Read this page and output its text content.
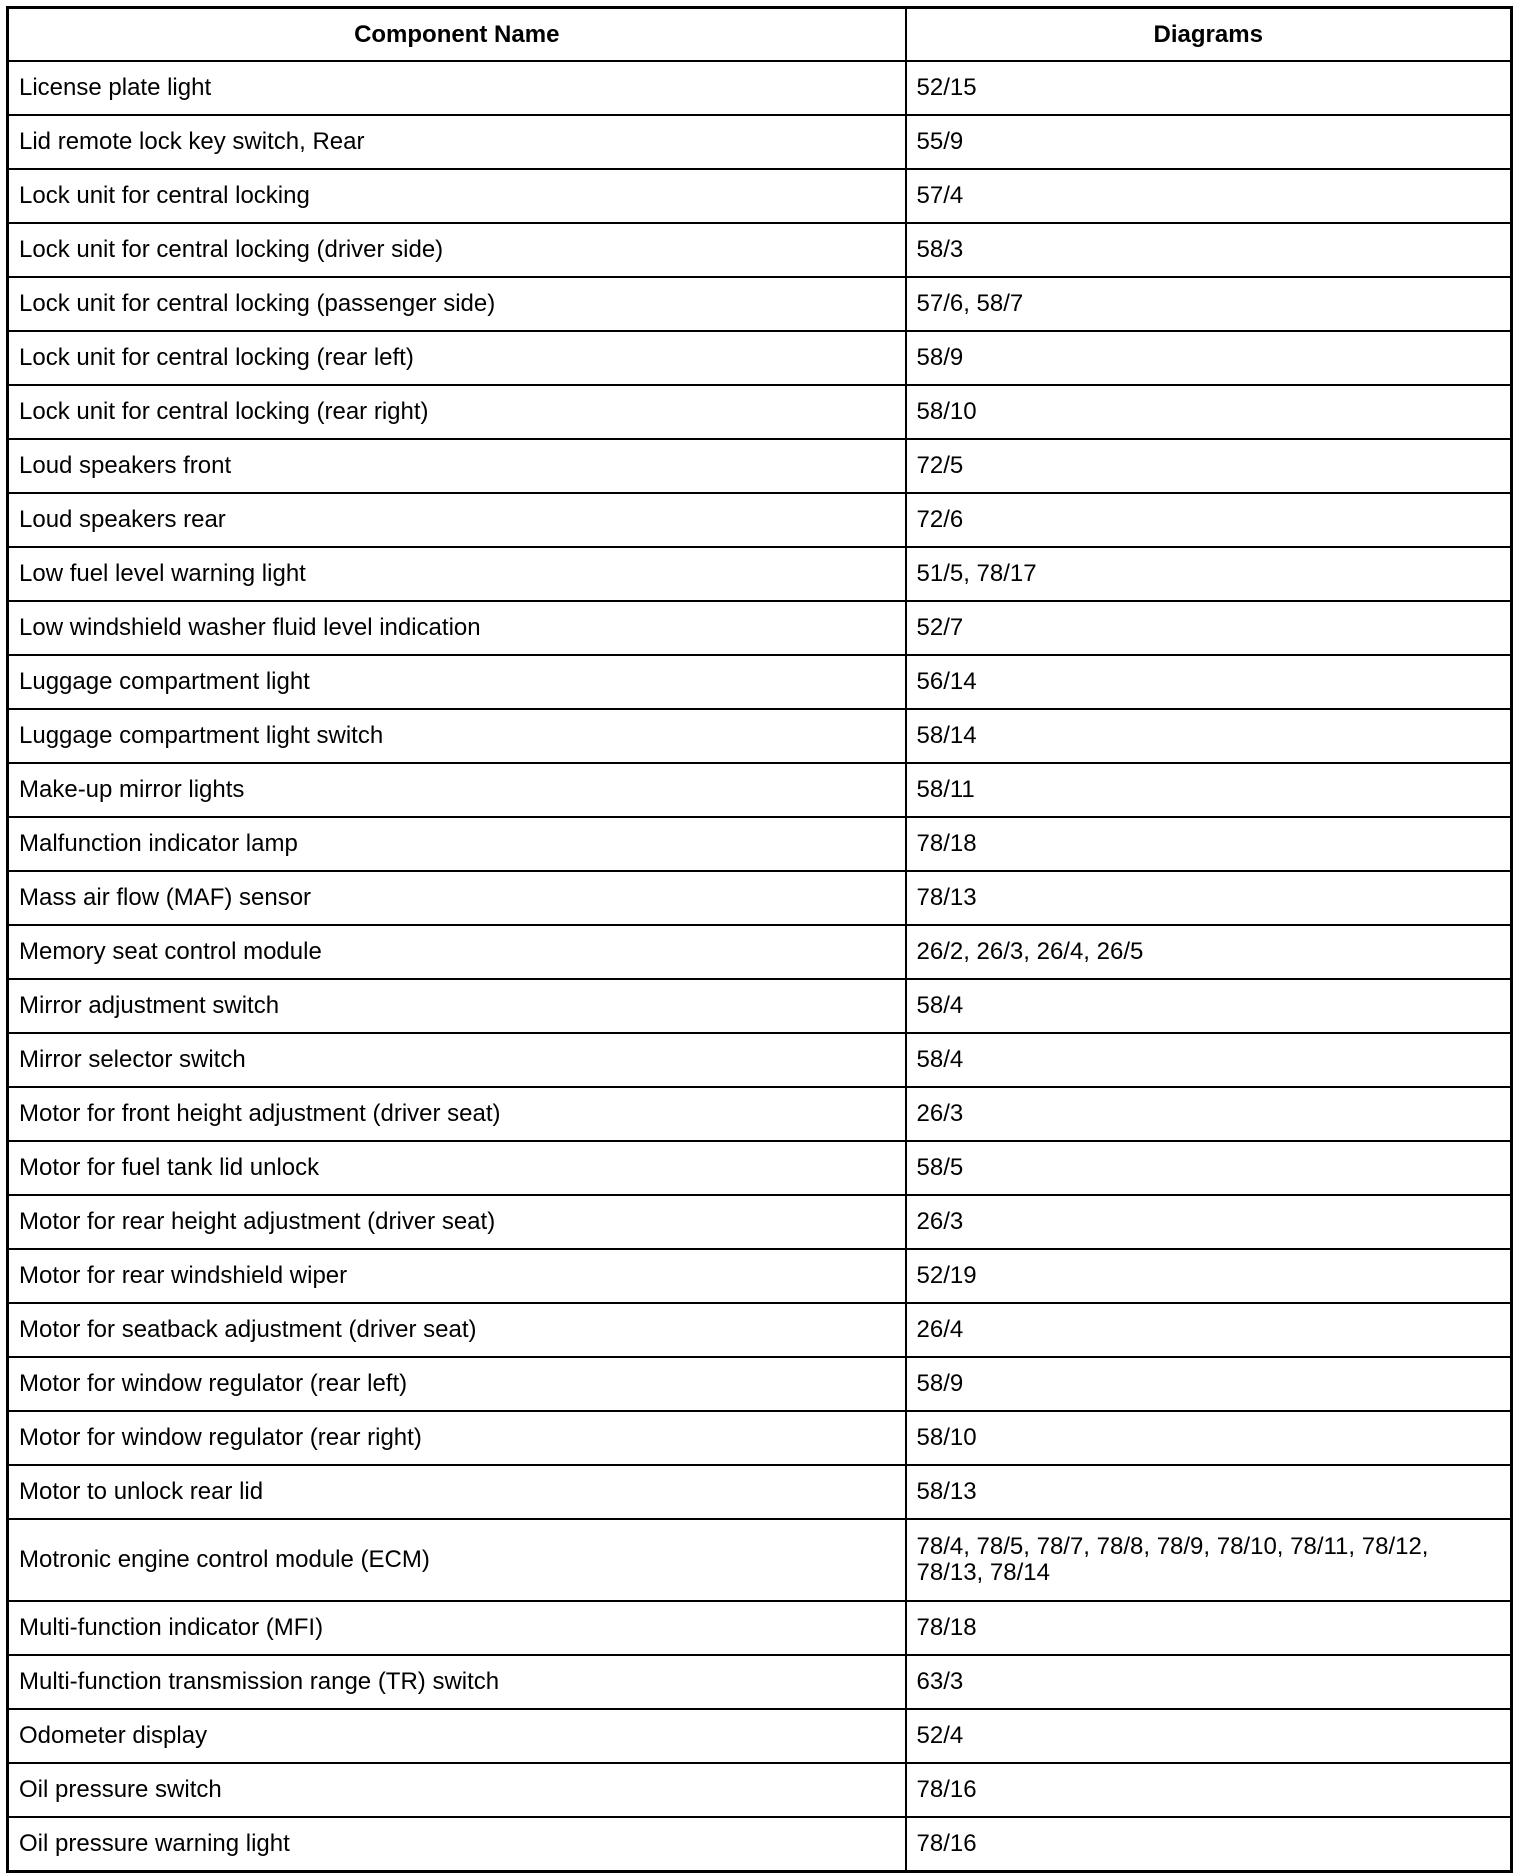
Component Name	Diagrams
License plate light	52/15
Lid remote lock key switch, Rear	55/9
Lock unit for central locking	57/4
Lock unit for central locking (driver side)	58/3
Lock unit for central locking (passenger side)	57/6, 58/7
Lock unit for central locking (rear left)	58/9
Lock unit for central locking (rear right)	58/10
Loud speakers front	72/5
Loud speakers rear	72/6
Low fuel level warning light	51/5, 78/17
Low windshield washer fluid level indication	52/7
Luggage compartment light	56/14
Luggage compartment light switch	58/14
Make-up mirror lights	58/11
Malfunction indicator lamp	78/18
Mass air flow (MAF) sensor	78/13
Memory seat control module	26/2, 26/3, 26/4, 26/5
Mirror adjustment switch	58/4
Mirror selector switch	58/4
Motor for front height adjustment (driver seat)	26/3
Motor for fuel tank lid unlock	58/5
Motor for rear height adjustment (driver seat)	26/3
Motor for rear windshield wiper	52/19
Motor for seatback adjustment (driver seat)	26/4
Motor for window regulator (rear left)	58/9
Motor for window regulator (rear right)	58/10
Motor to unlock rear lid	58/13
Motronic engine control module (ECM)	78/4, 78/5, 78/7, 78/8, 78/9, 78/10, 78/11, 78/12, 78/13, 78/14
Multi-function indicator (MFI)	78/18
Multi-function transmission range (TR) switch	63/3
Odometer display	52/4
Oil pressure switch	78/16
Oil pressure warning light	78/16
